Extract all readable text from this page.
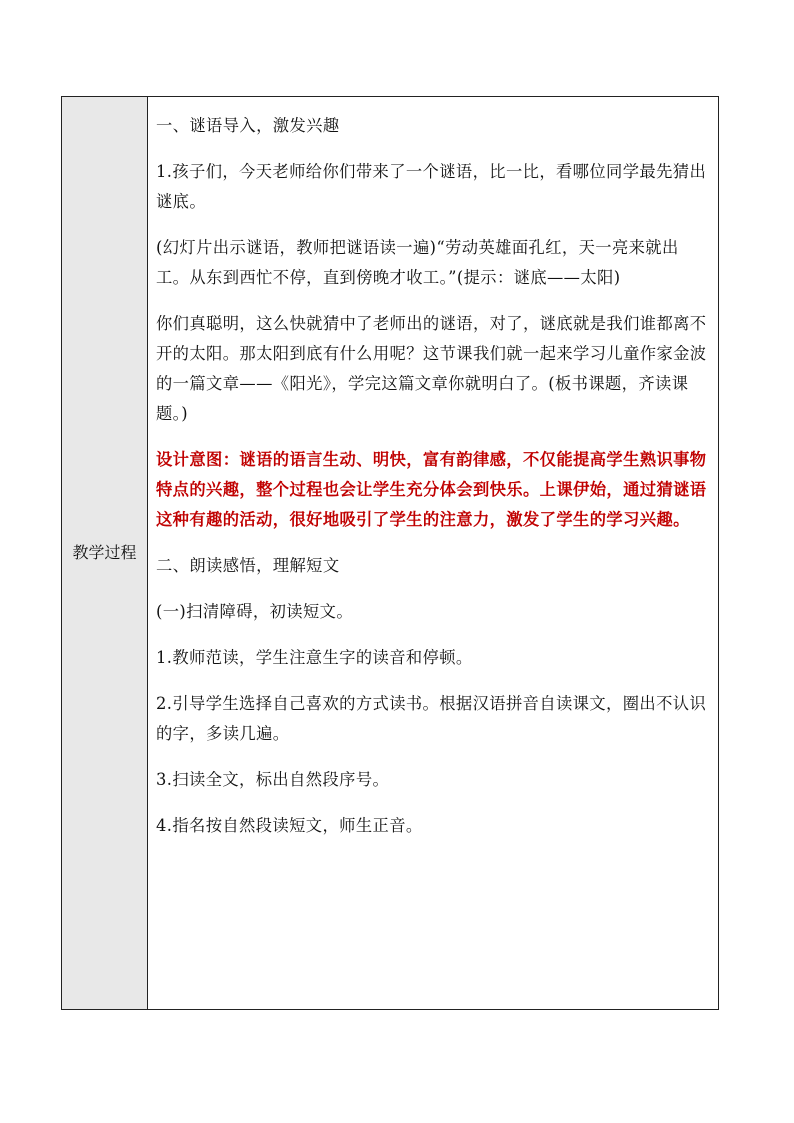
教学过程

一、谜语导入，激发兴趣

1.孩子们，今天老师给你们带来了一个谜语，比一比，看哪位同学最先猜出谜底。

(幻灯片出示谜语，教师把谜语读一遍)“劳动英雄面孔红，天一亮来就出工。从东到西忙不停，直到傍晚才收工。”(提示：谜底——太阳)

你们真聪明，这么快就猜中了老师出的谜语，对了，谜底就是我们谁都离不开的太阳。那太阳到底有什么用呢？这节课我们就一起来学习儿童作家金波的一篇文章——《阳光》，学完这篇文章你就明白了。(板书课题，齐读课题。)

设计意图：谜语的语言生动、明快，富有韵律感，不仅能提高学生熟识事物特点的兴趣，整个过程也会让学生充分体会到快乐。上课伊始，通过猜谜语这种有趣的活动，很好地吸引了学生的注意力，激发了学生的学习兴趣。

二、朗读感悟，理解短文

(一)扫清障碍，初读短文。

1.教师范读，学生注意生字的读音和停顿。

2.引导学生选择自己喜欢的方式读书。根据汉语拼音自读课文，圈出不认识的字，多读几遍。

3.扫读全文，标出自然段序号。

4.指名按自然段读短文，师生正音。
